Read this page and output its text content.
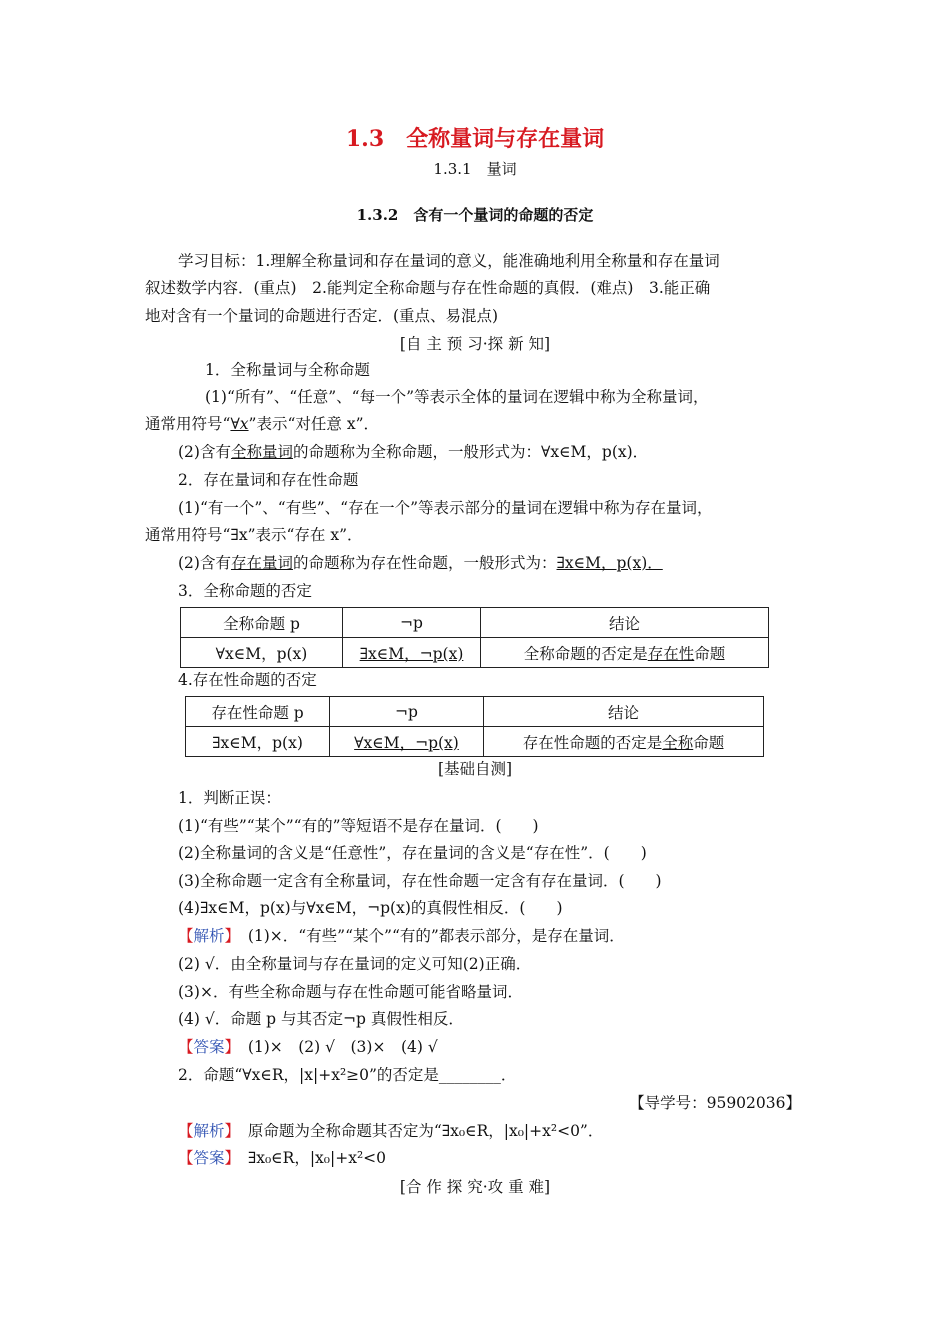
1.3　全称量词与存在量词
1.3.1　量词
1.3.2　含有一个量词的命题的否定
学习目标：1.理解全称量词和存在量词的意义，能准确地利用全称量和存在量词
叙述数学内容．(重点)　2.能判定全称命题与存在性命题的真假．(难点)　3.能正确
地对含有一个量词的命题进行否定．(重点、易混点)
[自 主 预 习·探 新 知]
1．全称量词与全称命题
(1)“所有”、“任意”、“每一个”等表示全体的量词在逻辑中称为全称量词，
通常用符号“∀x”表示“对任意 x”．
(2)含有全称量词的命题称为全称命题，一般形式为：∀x∈M，p(x)．
2．存在量词和存在性命题
(1)“有一个”、“有些”、“存在一个”等表示部分的量词在逻辑中称为存在量词，
通常用符号“∃x”表示“存在 x”．
(2)含有存在量词的命题称为存在性命题，一般形式为：∃x∈M，p(x)．
3．全称命题的否定
全称命题 p	¬p	结论
∀x∈M，p(x)	∃x∈M，¬p(x)	全称命题的否定是存在性命题
4.存在性命题的否定
存在性命题 p	¬p	结论
∃x∈M，p(x)	∀x∈M，¬p(x)	存在性命题的否定是全称命题
[基础自测]
1．判断正误：
(1)“有些”“某个”“有的”等短语不是存在量词．(　　)
(2)全称量词的含义是“任意性”，存在量词的含义是“存在性”．(　　)
(3)全称命题一定含有全称量词，存在性命题一定含有存在量词．(　　)
(4)∃x∈M，p(x)与∀x∈M，¬p(x)的真假性相反．(　　)
【解析】　 (1)×．“有些”“某个”“有的”都表示部分，是存在量词．
(2) √．由全称量词与存在量词的定义可知(2)正确．
(3)×．有些全称命题与存在性命题可能省略量词．
(4) √．命题 p 与其否定¬p 真假性相反．
【答案】　 (1)×　(2) √　(3)×　(4) √
2．命题“∀x∈R，|x|+x²≥0”的否定是________．
【导学号：95902036】
【解析】　 原命题为全称命题其否定为“∃x₀∈R，|x₀|+x²<0”．
【答案】　 ∃x₀∈R，|x₀|+x²<0
[合 作 探 究·攻 重 难]
